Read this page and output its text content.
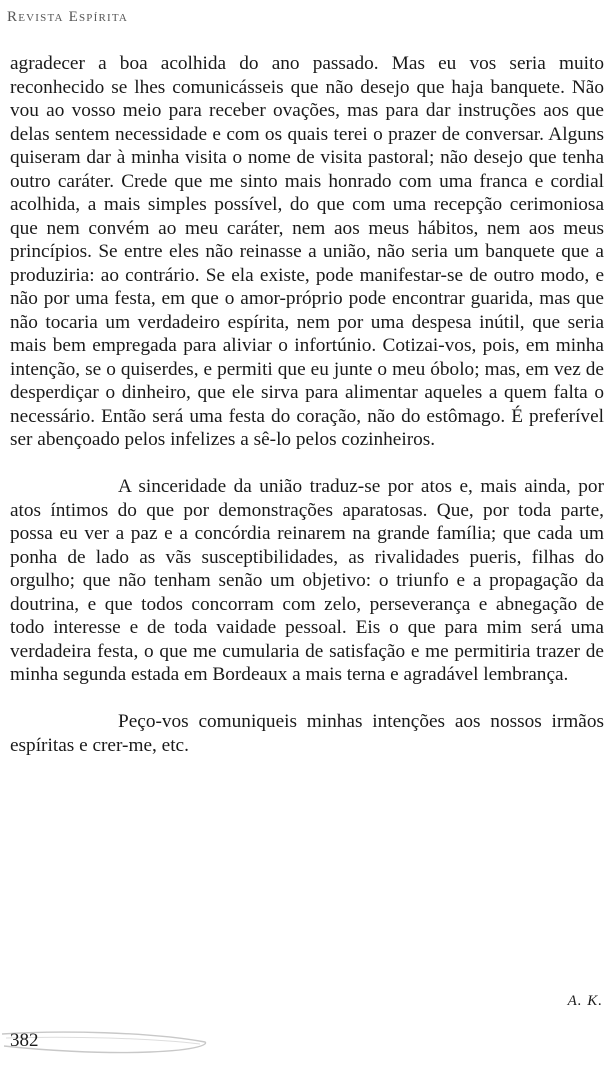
Revista Espírita

agradecer a boa acolhida do ano passado. Mas eu vos seria muito reconhecido se lhes comunicásseis que não desejo que haja banquete. Não vou ao vosso meio para receber ovações, mas para dar instruções aos que delas sentem necessidade e com os quais terei o prazer de conversar. Alguns quiseram dar à minha visita o nome de visita pastoral; não desejo que tenha outro caráter. Crede que me sinto mais honrado com uma franca e cordial acolhida, a mais simples possível, do que com uma recepção cerimoniosa que nem convém ao meu caráter, nem aos meus hábitos, nem aos meus princípios. Se entre eles não reinasse a união, não seria um banquete que a produziria: ao contrário. Se ela existe, pode manifestar-se de outro modo, e não por uma festa, em que o amor-próprio pode encontrar guarida, mas que não tocaria um verdadeiro espírita, nem por uma despesa inútil, que seria mais bem empregada para aliviar o infortúnio. Cotizai-vos, pois, em minha intenção, se o quiserdes, e permiti que eu junte o meu óbolo; mas, em vez de desperdiçar o dinheiro, que ele sirva para alimentar aqueles a quem falta o necessário. Então será uma festa do coração, não do estômago. É preferível ser abençoado pelos infelizes a sê-lo pelos cozinheiros.

A sinceridade da união traduz-se por atos e, mais ainda, por atos íntimos do que por demonstrações aparatosas. Que, por toda parte, possa eu ver a paz e a concórdia reinarem na grande família; que cada um ponha de lado as vãs susceptibilidades, as rivalidades pueris, filhas do orgulho; que não tenham senão um objetivo: o triunfo e a propagação da doutrina, e que todos concorram com zelo, perseverança e abnegação de todo interesse e de toda vaidade pessoal. Eis o que para mim será uma verdadeira festa, o que me cumularia de satisfação e me permitiria trazer de minha segunda estada em Bordeaux a mais terna e agradável lembrança.

Peço-vos comuniqueis minhas intenções aos nossos irmãos espíritas e crer-me, etc.

A. K.
382
